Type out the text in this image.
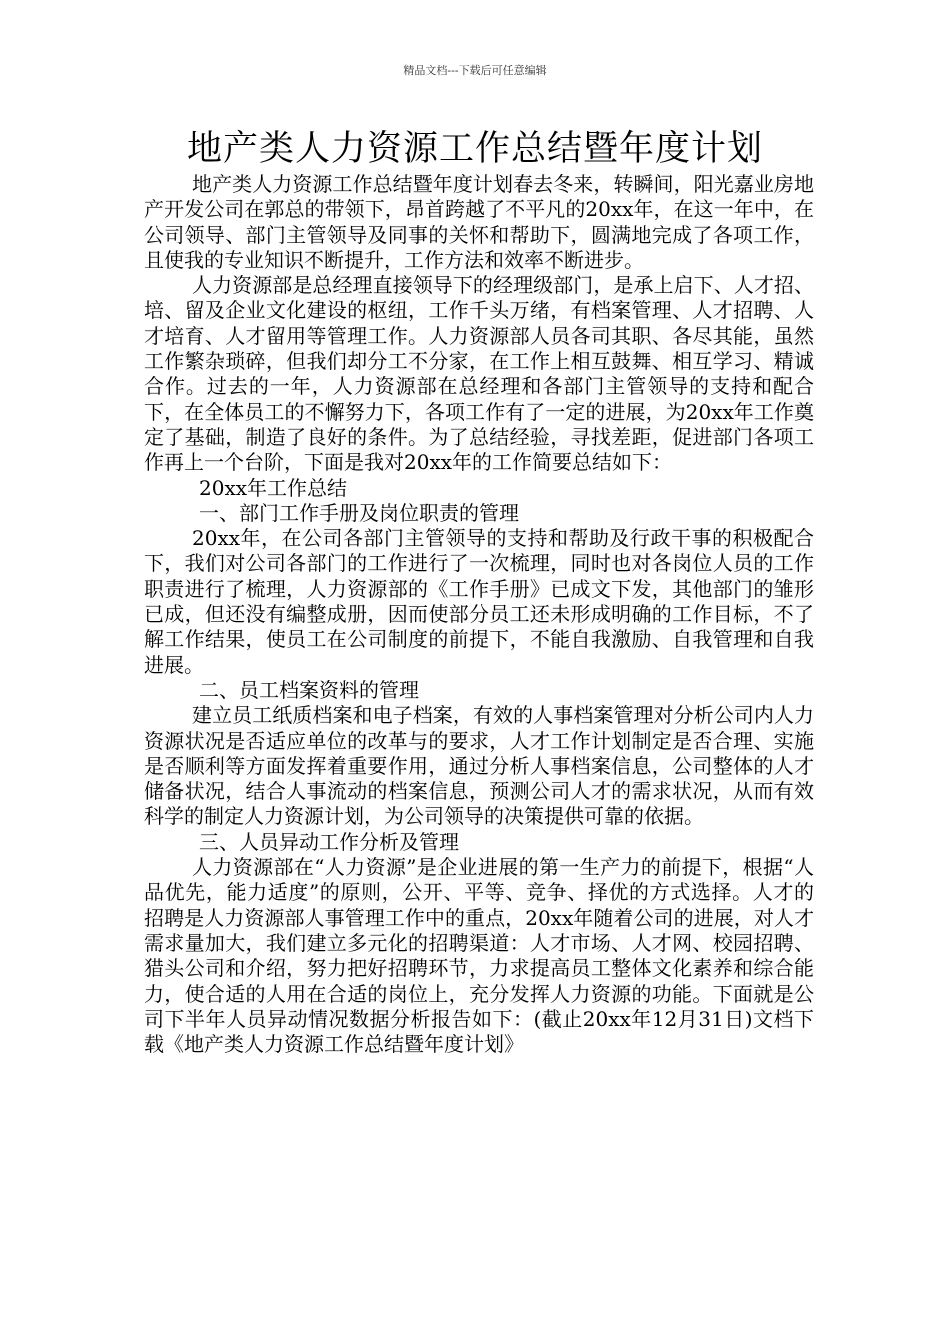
精品文档---下载后可任意编辑
地产类人力资源工作总结暨年度计划

地产类人力资源工作总结暨年度计划春去冬来，转瞬间，阳光嘉业房地产开发公司在郭总的带领下，昂首跨越了不平凡的20xx年，在这一年中，在公司领导、部门主管领导及同事的关怀和帮助下，圆满地完成了各项工作，且使我的专业知识不断提升，工作方法和效率不断进步。

人力资源部是总经理直接领导下的经理级部门，是承上启下、人才招、培、留及企业文化建设的枢纽，工作千头万绪，有档案管理、人才招聘、人才培育、人才留用等管理工作。人力资源部人员各司其职、各尽其能，虽然工作繁杂琐碎，但我们却分工不分家，在工作上相互鼓舞、相互学习、精诚合作。过去的一年，人力资源部在总经理和各部门主管领导的支持和配合下，在全体员工的不懈努力下，各项工作有了一定的进展，为20xx年工作奠定了基础，制造了良好的条件。为了总结经验，寻找差距，促进部门各项工作再上一个台阶，下面是我对20xx年的工作简要总结如下：

20xx年工作总结

一、部门工作手册及岗位职责的管理

20xx年，在公司各部门主管领导的支持和帮助及行政干事的积极配合下，我们对公司各部门的工作进行了一次梳理，同时也对各岗位人员的工作职责进行了梳理，人力资源部的《工作手册》已成文下发，其他部门的雏形已成，但还没有编整成册，因而使部分员工还未形成明确的工作目标，不了解工作结果，使员工在公司制度的前提下，不能自我激励、自我管理和自我进展。

二、员工档案资料的管理

建立员工纸质档案和电子档案，有效的人事档案管理对分析公司内人力资源状况是否适应单位的改革与的要求，人才工作计划制定是否合理、实施是否顺利等方面发挥着重要作用，通过分析人事档案信息，公司整体的人才储备状况，结合人事流动的档案信息，预测公司人才的需求状况，从而有效科学的制定人力资源计划，为公司领导的决策提供可靠的依据。

三、人员异动工作分析及管理

人力资源部在“人力资源”是企业进展的第一生产力的前提下，根据“人品优先，能力适度”的原则，公开、平等、竞争、择优的方式选择。人才的招聘是人力资源部人事管理工作中的重点，20xx年随着公司的进展，对人才需求量加大，我们建立多元化的招聘渠道：人才市场、人才网、校园招聘、猎头公司和介绍，努力把好招聘环节，力求提高员工整体文化素养和综合能力，使合适的人用在合适的岗位上，充分发挥人力资源的功能。下面就是公司下半年人员异动情况数据分析报告如下：(截止20xx年12月31日)文档下载《地产类人力资源工作总结暨年度计划》
